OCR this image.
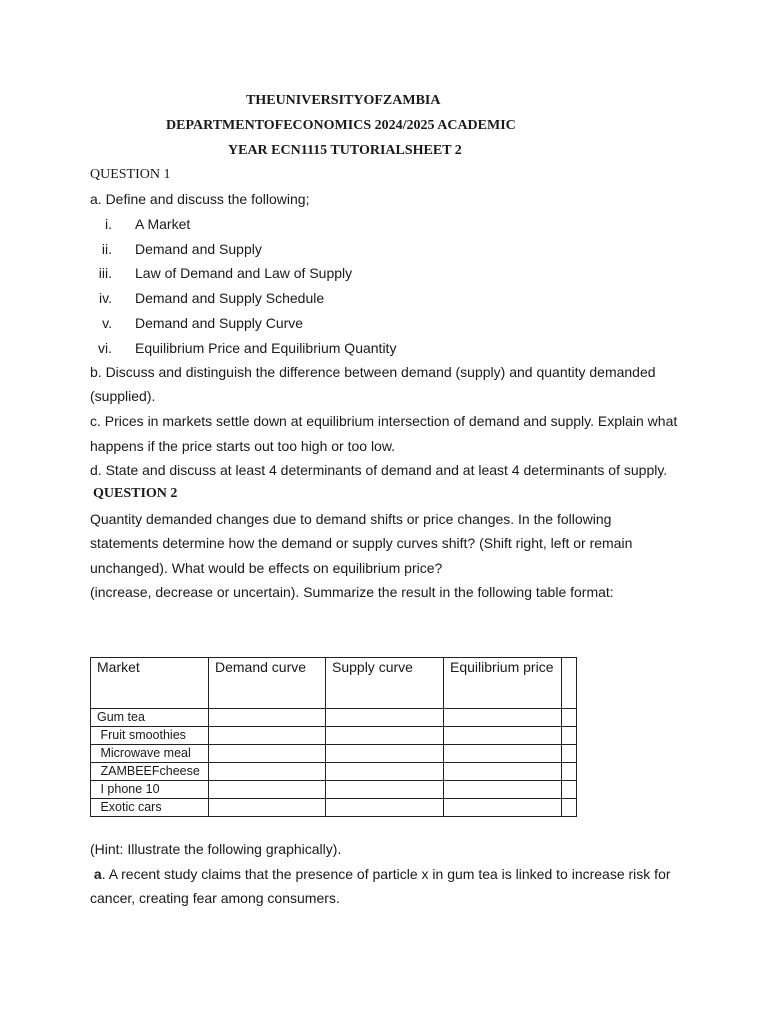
THEUNIVERSITYOFZAMBIA
DEPARTMENTOFECONOMICS 2024/2025 ACADEMIC
YEAR ECN1115 TUTORIALSHEET 2
QUESTION 1
a. Define and discuss the following;
i. A Market
ii. Demand and Supply
iii. Law of Demand and Law of Supply
iv. Demand and Supply Schedule
v. Demand and Supply Curve
vi. Equilibrium Price and Equilibrium Quantity
b. Discuss and distinguish the difference between demand (supply) and quantity demanded
(supplied).
c. Prices in markets settle down at equilibrium intersection of demand and supply. Explain what
happens if the price starts out too high or too low.
d. State and discuss at least 4 determinants of demand and at least 4 determinants of supply.
QUESTION 2
Quantity demanded changes due to demand shifts or price changes. In the following
statements determine how the demand or supply curves shift? (Shift right, left or remain
unchanged). What would be effects on equilibrium price?
(increase, decrease or uncertain). Summarize the result in the following table format:
Market	Demand curve	Supply curve	Equilibrium price	

Gum tea				

Fruit smoothies				

Microwave meal				

ZAMBEEFcheese				

I phone 10				

Exotic cars				

(Hint: Illustrate the following graphically).
a. A recent study claims that the presence of particle x in gum tea is linked to increase risk for
cancer, creating fear among consumers.
